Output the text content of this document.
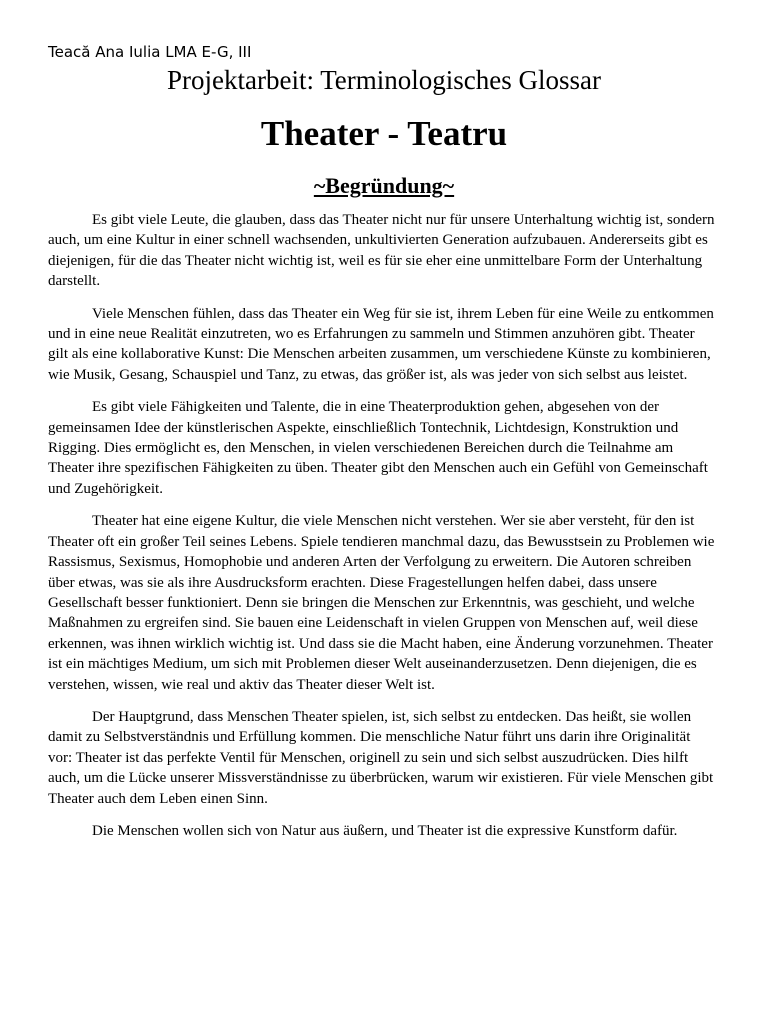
Teacă Ana Iulia LMA E-G, III
Projektarbeit: Terminologisches Glossar
Theater - Teatru
~Begründung~

Es gibt viele Leute, die glauben, dass das Theater nicht nur für unsere Unterhaltung wichtig ist, sondern auch, um eine Kultur in einer schnell wachsenden, unkultivierten Generation aufzubauen. Andererseits gibt es diejenigen, für die das Theater nicht wichtig ist, weil es für sie eher eine unmittelbare Form der Unterhaltung darstellt.

Viele Menschen fühlen, dass das Theater ein Weg für sie ist, ihrem Leben für eine Weile zu entkommen und in eine neue Realität einzutreten, wo es Erfahrungen zu sammeln und Stimmen anzuhören gibt. Theater gilt als eine kollaborative Kunst: Die Menschen arbeiten zusammen, um verschiedene Künste zu kombinieren, wie Musik, Gesang, Schauspiel und Tanz, zu etwas, das größer ist, als was jeder von sich selbst aus leistet.

Es gibt viele Fähigkeiten und Talente, die in eine Theaterproduktion gehen, abgesehen von der gemeinsamen Idee der künstlerischen Aspekte, einschließlich Tontechnik, Lichtdesign, Konstruktion und Rigging. Dies ermöglicht es, den Menschen, in vielen verschiedenen Bereichen durch die Teilnahme am Theater ihre spezifischen Fähigkeiten zu üben. Theater gibt den Menschen auch ein Gefühl von Gemeinschaft und Zugehörigkeit.

Theater hat eine eigene Kultur, die viele Menschen nicht verstehen. Wer sie aber versteht, für den ist Theater oft ein großer Teil seines Lebens. Spiele tendieren manchmal dazu, das Bewusstsein zu Problemen wie Rassismus, Sexismus, Homophobie und anderen Arten der Verfolgung zu erweitern. Die Autoren schreiben über etwas, was sie als ihre Ausdrucksform erachten. Diese Fragestellungen helfen dabei, dass unsere Gesellschaft besser funktioniert. Denn sie bringen die Menschen zur Erkenntnis, was geschieht, und welche Maßnahmen zu ergreifen sind. Sie bauen eine Leidenschaft in vielen Gruppen von Menschen auf, weil diese erkennen, was ihnen wirklich wichtig ist. Und dass sie die Macht haben, eine Änderung vorzunehmen. Theater ist ein mächtiges Medium, um sich mit Problemen dieser Welt auseinanderzusetzen. Denn diejenigen, die es verstehen, wissen, wie real und aktiv das Theater dieser Welt ist.

Der Hauptgrund, dass Menschen Theater spielen, ist, sich selbst zu entdecken. Das heißt, sie wollen damit zu Selbstverständnis und Erfüllung kommen. Die menschliche Natur führt uns darin ihre Originalität vor: Theater ist das perfekte Ventil für Menschen, originell zu sein und sich selbst auszudrücken. Dies hilft auch, um die Lücke unserer Missverständnisse zu überbrücken, warum wir existieren. Für viele Menschen gibt Theater auch dem Leben einen Sinn.

Die Menschen wollen sich von Natur aus äußern, und Theater ist die expressive Kunstform dafür.
